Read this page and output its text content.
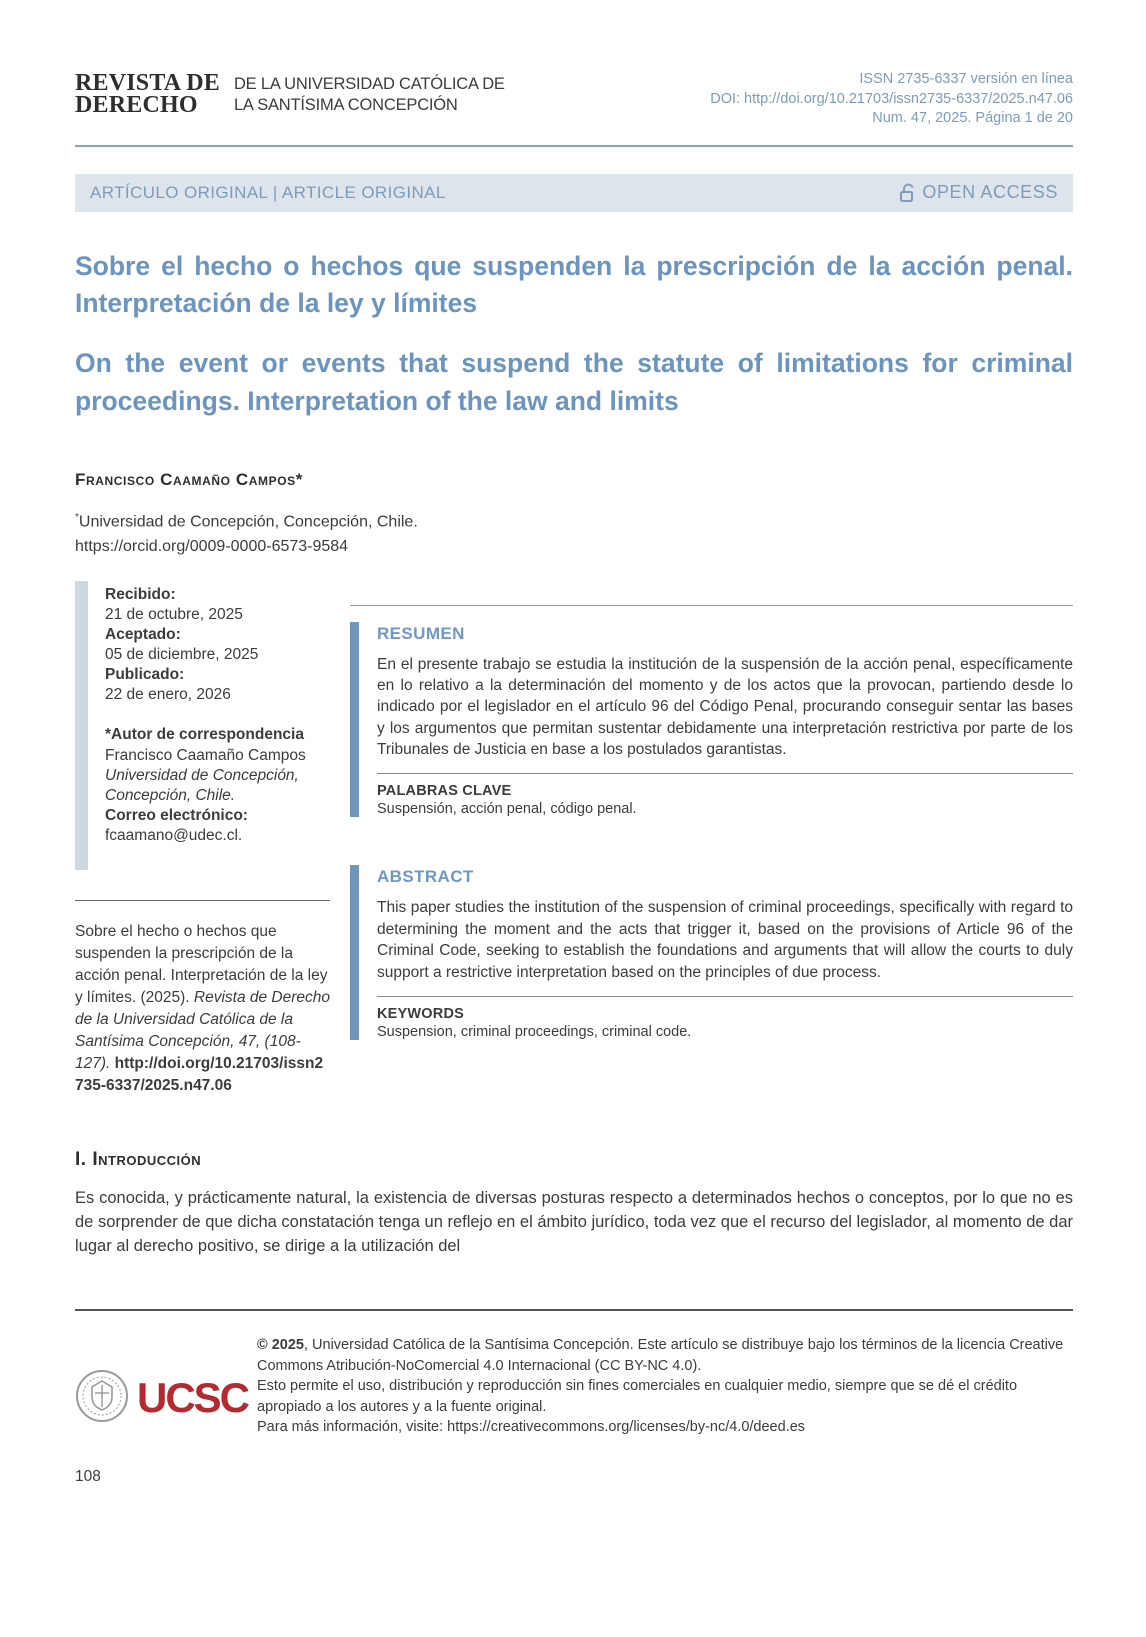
REVISTA DE
DERECHO
DE LA UNIVERSIDAD CATÓLICA DE
LA SANTÍSIMA CONCEPCIÓN
ISSN 2735-6337 versión en línea
DOI: http://doi.org/10.21703/issn2735-6337/2025.n47.06
Num. 47, 2025. Página 1 de 20
ARTÍCULO ORIGINAL | ARTICLE ORIGINAL	OPEN ACCESS
Sobre el hecho o hechos que suspenden la prescripción de la acción penal. Interpretación de la ley y límites
On the event or events that suspend the statute of limitations for criminal proceedings. Interpretation of the law and limits
Francisco Caamaño Campos*
*Universidad de Concepción, Concepción, Chile.
https://orcid.org/0009-0000-6573-9584
Recibido:
21 de octubre, 2025
Aceptado:
05 de diciembre, 2025
Publicado:
22 de enero, 2026
*Autor de correspondencia
Francisco Caamaño Campos
Universidad de Concepción, Concepción, Chile.
Correo electrónico:
fcaamano@udec.cl.
Sobre el hecho o hechos que suspenden la prescripción de la acción penal. Interpretación de la ley y límites. (2025). Revista de Derecho de la Universidad Católica de la Santísima Concepción, 47, (108-127). http://doi.org/10.21703/issn2735-6337/2025.n47.06
RESUMEN
En el presente trabajo se estudia la institución de la suspensión de la acción penal, específicamente en lo relativo a la determinación del momento y de los actos que la provocan, partiendo desde lo indicado por el legislador en el artículo 96 del Código Penal, procurando conseguir sentar las bases y los argumentos que permitan sustentar debidamente una interpretación restrictiva por parte de los Tribunales de Justicia en base a los postulados garantistas.
PALABRAS CLAVE
Suspensión, acción penal, código penal.
ABSTRACT
This paper studies the institution of the suspension of criminal proceedings, specifically with regard to determining the moment and the acts that trigger it, based on the provisions of Article 96 of the Criminal Code, seeking to establish the foundations and arguments that will allow the courts to duly support a restrictive interpretation based on the principles of due process.
KEYWORDS
Suspension, criminal proceedings, criminal code.
I. Introducción

Es conocida, y prácticamente natural, la existencia de diversas posturas respecto a determinados hechos o conceptos, por lo que no es de sorprender de que dicha constatación tenga un reflejo en el ámbito jurídico, toda vez que el recurso del legislador, al momento de dar lugar al derecho positivo, se dirige a la utilización del

UCSC

© 2025, Universidad Católica de la Santísima Concepción. Este artículo se distribuye bajo los términos de la licencia Creative Commons Atribución-NoComercial 4.0 Internacional (CC BY-NC 4.0).

Esto permite el uso, distribución y reproducción sin fines comerciales en cualquier medio, siempre que se dé el crédito apropiado a los autores y a la fuente original.

Para más información, visite: https://creativecommons.org/licenses/by-nc/4.0/deed.es

108
